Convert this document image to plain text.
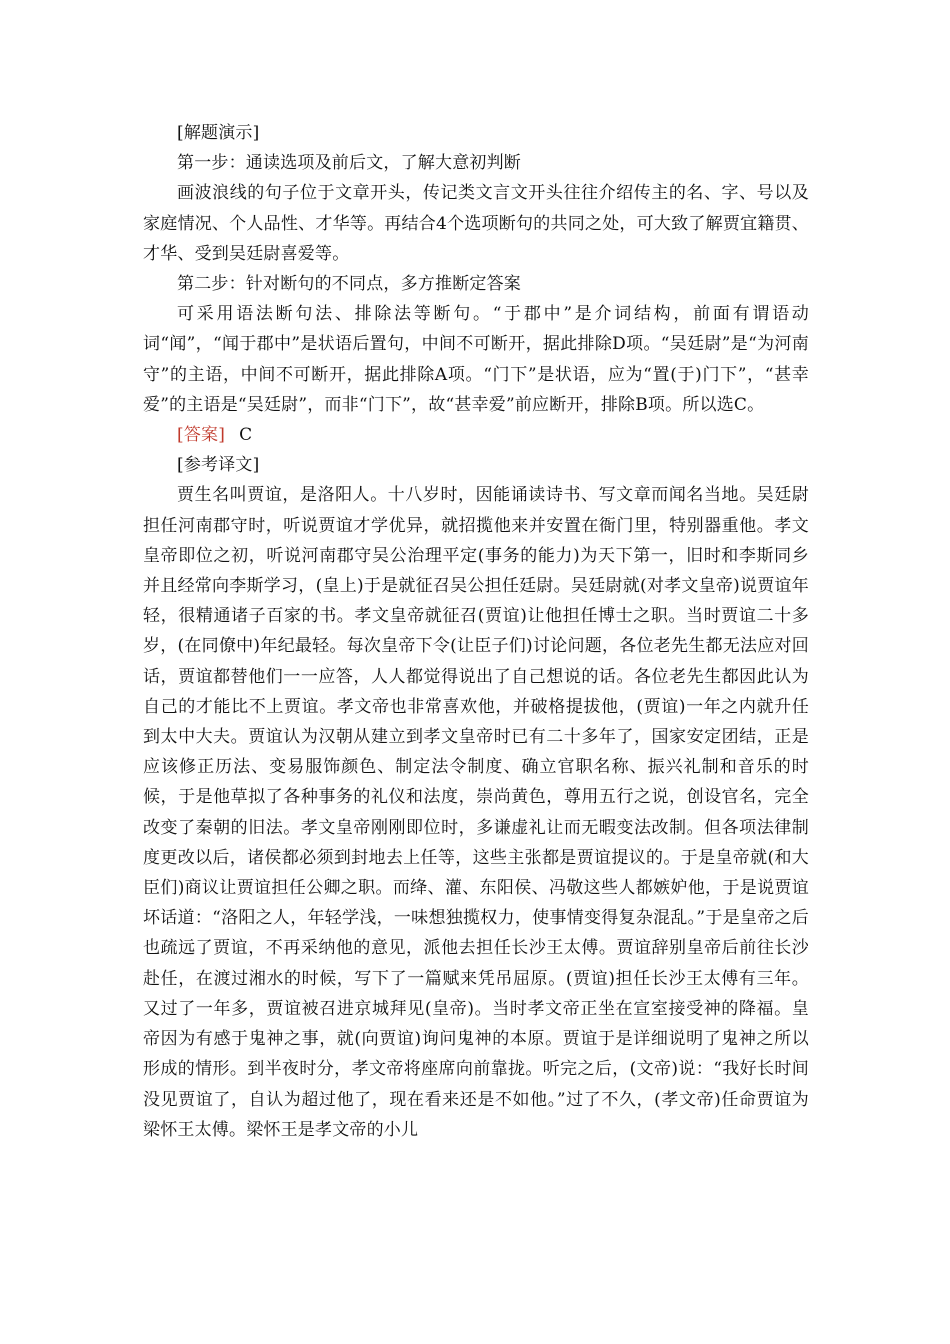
[解题演示]

第一步：通读选项及前后文，了解大意初判断

画波浪线的句子位于文章开头，传记类文言文开头往往介绍传主的名、字、号以及家庭情况、个人品性、才华等。再结合4个选项断句的共同之处，可大致了解贾宜籍贯、才华、受到吴廷尉喜爱等。

第二步：针对断句的不同点，多方推断定答案

可采用语法断句法、排除法等断句。“于郡中”是介词结构，前面有谓语动词“闻”，“闻于郡中”是状语后置句，中间不可断开，据此排除D项。“吴廷尉”是“为河南守”的主语，中间不可断开，据此排除A项。“门下”是状语，应为“置(于)门下”，“甚幸爱”的主语是“吴廷尉”，而非“门下”，故“甚幸爱”前应断开，排除B项。所以选C。

[答案] C

[参考译文]

贾生名叫贾谊，是洛阳人。十八岁时，因能诵读诗书、写文章而闻名当地。吴廷尉担任河南郡守时，听说贾谊才学优异，就招揽他来并安置在衙门里，特别器重他。孝文皇帝即位之初，听说河南郡守吴公治理平定(事务的能力)为天下第一，旧时和李斯同乡并且经常向李斯学习，(皇上)于是就征召吴公担任廷尉。吴廷尉就(对孝文皇帝)说贾谊年轻，很精通诸子百家的书。孝文皇帝就征召(贾谊)让他担任博士之职。当时贾谊二十多岁，(在同僚中)年纪最轻。每次皇帝下令(让臣子们)讨论问题，各位老先生都无法应对回话，贾谊都替他们一一应答，人人都觉得说出了自己想说的话。各位老先生都因此认为自己的才能比不上贾谊。孝文帝也非常喜欢他，并破格提拔他，(贾谊)一年之内就升任到太中大夫。贾谊认为汉朝从建立到孝文皇帝时已有二十多年了，国家安定团结，正是应该修正历法、变易服饰颜色、制定法令制度、确立官职名称、振兴礼制和音乐的时候，于是他草拟了各种事务的礼仪和法度，崇尚黄色，尊用五行之说，创设官名，完全改变了秦朝的旧法。孝文皇帝刚刚即位时，多谦虚礼让而无暇变法改制。但各项法律制度更改以后，诸侯都必须到封地去上任等，这些主张都是贾谊提议的。于是皇帝就(和大臣们)商议让贾谊担任公卿之职。而绛、灌、东阳侯、冯敬这些人都嫉妒他，于是说贾谊坏话道：“洛阳之人，年轻学浅，一味想独揽权力，使事情变得复杂混乱。”于是皇帝之后也疏远了贾谊，不再采纳他的意见，派他去担任长沙王太傅。贾谊辞别皇帝后前往长沙赴任，在渡过湘水的时候，写下了一篇赋来凭吊屈原。(贾谊)担任长沙王太傅有三年。又过了一年多，贾谊被召进京城拜见(皇帝)。当时孝文帝正坐在宣室接受神的降福。皇帝因为有感于鬼神之事，就(向贾谊)询问鬼神的本原。贾谊于是详细说明了鬼神之所以形成的情形。到半夜时分，孝文帝将座席向前靠拢。听完之后，(文帝)说：“我好长时间没见贾谊了，自认为超过他了，现在看来还是不如他。”过了不久，(孝文帝)任命贾谊为梁怀王太傅。梁怀王是孝文帝的小儿
